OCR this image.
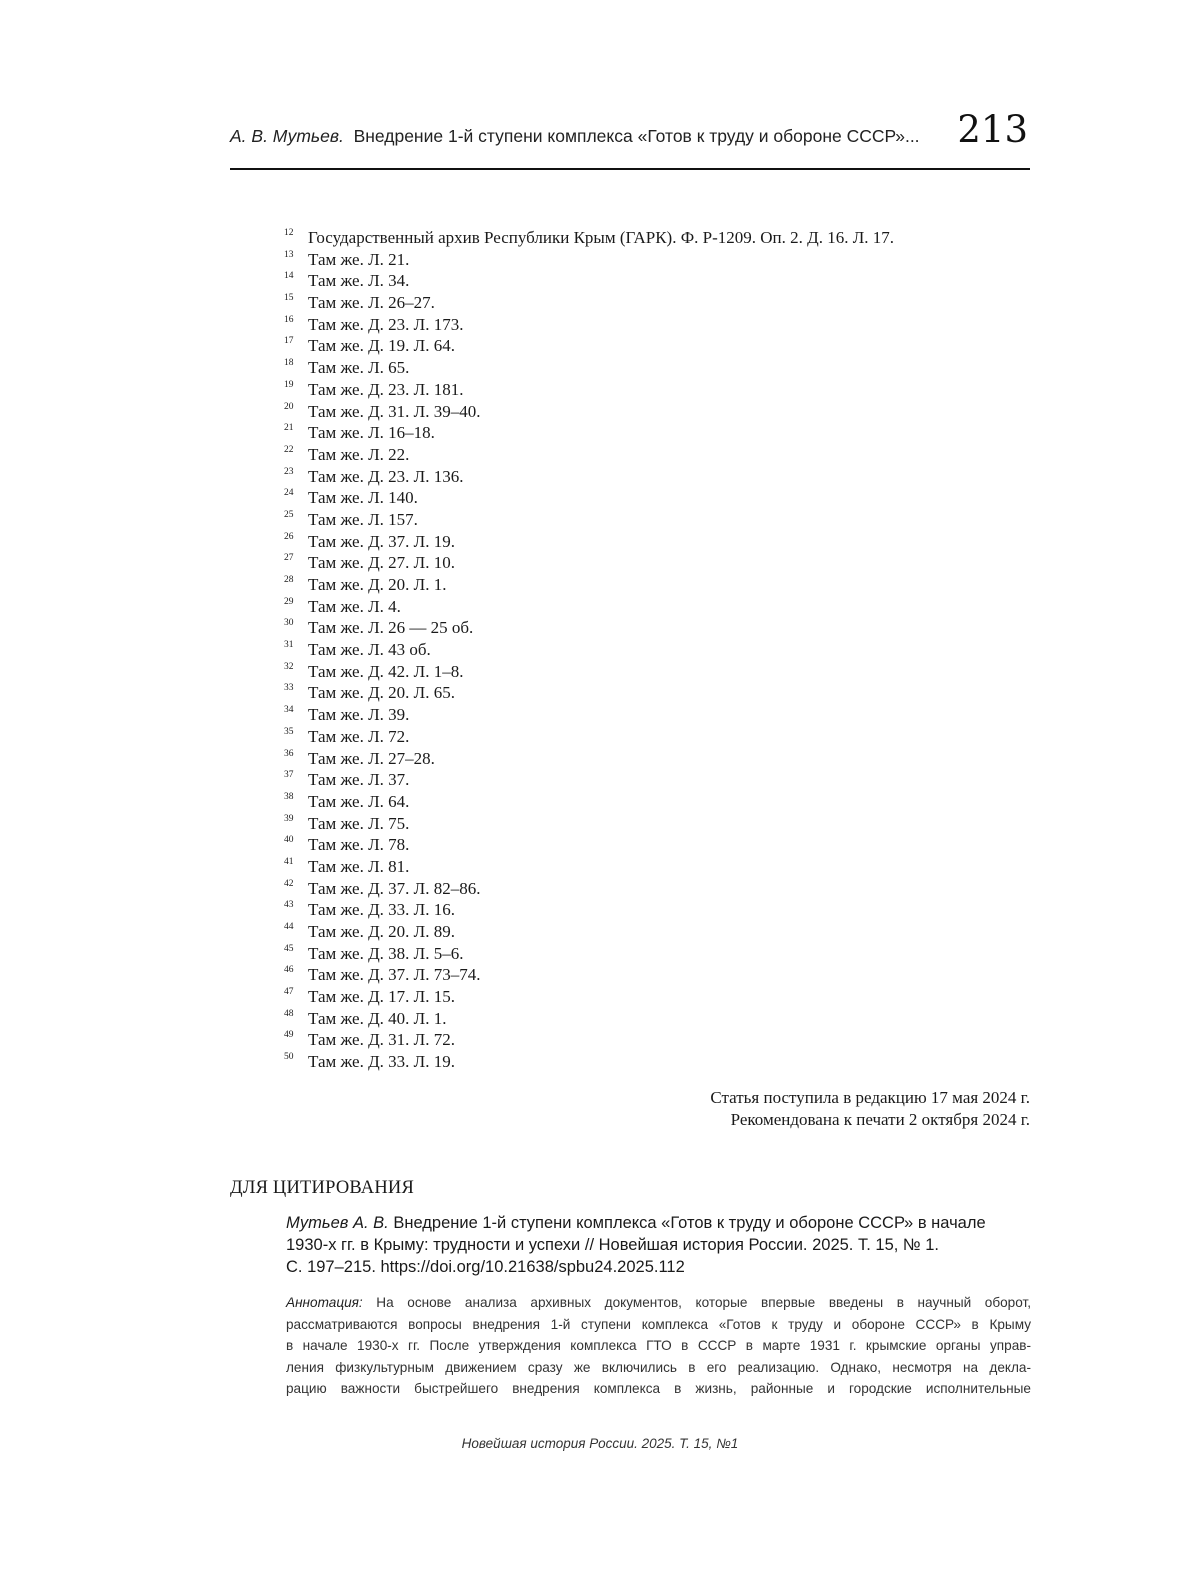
А. В. Мутьев. Внедрение 1-й ступени комплекса «Готов к труду и обороне СССР»... 213
12 Государственный архив Республики Крым (ГАРК). Ф. Р-1209. Оп. 2. Д. 16. Л. 17.
13 Там же. Л. 21.
14 Там же. Л. 34.
15 Там же. Л. 26–27.
16 Там же. Д. 23. Л. 173.
17 Там же. Д. 19. Л. 64.
18 Там же. Л. 65.
19 Там же. Д. 23. Л. 181.
20 Там же. Д. 31. Л. 39–40.
21 Там же. Л. 16–18.
22 Там же. Л. 22.
23 Там же. Д. 23. Л. 136.
24 Там же. Л. 140.
25 Там же. Л. 157.
26 Там же. Д. 37. Л. 19.
27 Там же. Д. 27. Л. 10.
28 Там же. Д. 20. Л. 1.
29 Там же. Л. 4.
30 Там же. Л. 26 — 25 об.
31 Там же. Л. 43 об.
32 Там же. Д. 42. Л. 1–8.
33 Там же. Д. 20. Л. 65.
34 Там же. Л. 39.
35 Там же. Л. 72.
36 Там же. Л. 27–28.
37 Там же. Л. 37.
38 Там же. Л. 64.
39 Там же. Л. 75.
40 Там же. Л. 78.
41 Там же. Л. 81.
42 Там же. Д. 37. Л. 82–86.
43 Там же. Д. 33. Л. 16.
44 Там же. Д. 20. Л. 89.
45 Там же. Д. 38. Л. 5–6.
46 Там же. Д. 37. Л. 73–74.
47 Там же. Д. 17. Л. 15.
48 Там же. Д. 40. Л. 1.
49 Там же. Д. 31. Л. 72.
50 Там же. Д. 33. Л. 19.
Статья поступила в редакцию 17 мая 2024 г.
Рекомендована к печати 2 октября 2024 г.
ДЛЯ ЦИТИРОВАНИЯ
Мутьев А. В. Внедрение 1-й ступени комплекса «Готов к труду и обороне СССР» в начале
1930-х гг. в Крыму: трудности и успехи // Новейшая история России. 2025. Т. 15, № 1.
С. 197–215. https://doi.org/10.21638/spbu24.2025.112
Аннотация: На основе анализа архивных документов, которые впервые введены в научный оборот,
рассматриваются вопросы внедрения 1-й ступени комплекса «Готов к труду и обороне СССР» в Крыму
в начале 1930-х гг. После утверждения комплекса ГТО в СССР в марте 1931 г. крымские органы управ-
ления физкультурным движением сразу же включились в его реализацию. Однако, несмотря на декла-
рацию важности быстрейшего внедрения комплекса в жизнь, районные и городские исполнительные
Новейшая история России. 2025. Т. 15, №1
